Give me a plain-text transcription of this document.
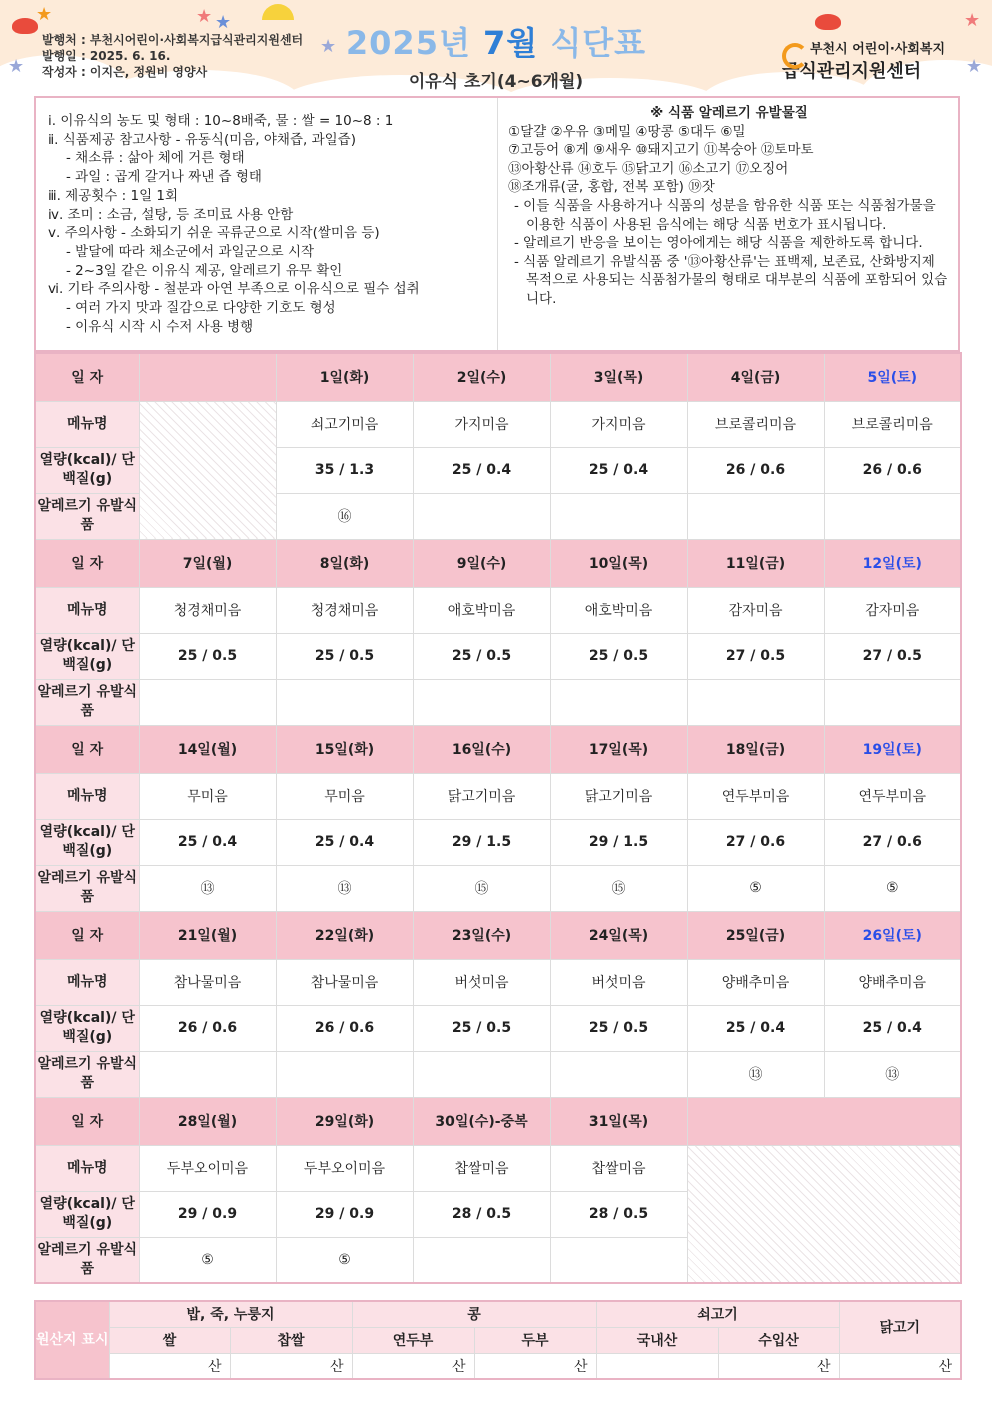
★
★
★ ★
★
★
★
발행처 : 부천시어린이·사회복지급식관리지원센터
발행일 : 2025. 6. 16.
작성자 : 이지은, 정원비 영양사
2025년 7월 식단표
이유식 초기(4~6개월)
부천시 어린이·사회복지
급식관리지원센터
ⅰ. 이유식의 농도 및 형태 : 10~8배죽, 물 : 쌀 = 10~8 : 1
ⅱ. 식품제공 참고사항 - 유동식(미음, 야채즙, 과일즙)
- 채소류 : 삶아 체에 거른 형태
- 과일 : 곱게 갈거나 짜낸 즙 형태
ⅲ. 제공횟수 : 1일 1회
ⅳ. 조미 : 소금, 설탕, 등 조미료 사용 안함
ⅴ. 주의사항 - 소화되기 쉬운 곡류군으로 시작(쌀미음 등)
- 발달에 따라 채소군에서 과일군으로 시작
- 2~3일 같은 이유식 제공, 알레르기 유무 확인
ⅵ. 기타 주의사항 - 철분과 아연 부족으로 이유식으로 필수 섭취
- 여러 가지 맛과 질감으로 다양한 기호도 형성
- 이유식 시작 시 수저 사용 병행
※ 식품 알레르기 유발물질
①달걀 ②우유 ③메밀 ④땅콩 ⑤대두 ⑥밀
⑦고등어 ⑧게 ⑨새우 ⑩돼지고기 ⑪복숭아 ⑫토마토
⑬아황산류 ⑭호두 ⑮닭고기 ⑯소고기 ⑰오징어
⑱조개류(굴, 홍합, 전복 포함) ⑲잣
- 이들 식품을 사용하거나 식품의 성분을 함유한 식품 또는 식품첨가물을 이용한 식품이 사용된 음식에는 해당 식품 번호가 표시됩니다.
- 알레르기 반응을 보이는 영아에게는 해당 식품을 제한하도록 합니다.
- 식품 알레르기 유발식품 중 '⑬아황산류'는 표백제, 보존료, 산화방지제 목적으로 사용되는 식품첨가물의 형태로 대부분의 식품에 포함되어 있습니다.
일 자		1일(화)	2일(수)	3일(목)	4일(금)	5일(토)
메뉴명		쇠고기미음	가지미음	가지미음	브로콜리미음	브로콜리미음
열량(kcal)/ 단백질(g)		35 / 1.3	25 / 0.4	25 / 0.4	26 / 0.6	26 / 0.6
알레르기 유발식품		⑯				
일 자	7일(월)	8일(화)	9일(수)	10일(목)	11일(금)	12일(토)
메뉴명	청경채미음	청경채미음	애호박미음	애호박미음	감자미음	감자미음
열량(kcal)/ 단백질(g)	25 / 0.5	25 / 0.5	25 / 0.5	25 / 0.5	27 / 0.5	27 / 0.5
알레르기 유발식품						
일 자	14일(월)	15일(화)	16일(수)	17일(목)	18일(금)	19일(토)
메뉴명	무미음	무미음	닭고기미음	닭고기미음	연두부미음	연두부미음
열량(kcal)/ 단백질(g)	25 / 0.4	25 / 0.4	29 / 1.5	29 / 1.5	27 / 0.6	27 / 0.6
알레르기 유발식품	⑬	⑬	⑮	⑮	⑤	⑤
일 자	21일(월)	22일(화)	23일(수)	24일(목)	25일(금)	26일(토)
메뉴명	참나물미음	참나물미음	버섯미음	버섯미음	양배추미음	양배추미음
열량(kcal)/ 단백질(g)	26 / 0.6	26 / 0.6	25 / 0.5	25 / 0.5	25 / 0.4	25 / 0.4
알레르기 유발식품					⑬	⑬
일 자	28일(월)	29일(화)	30일(수)-중복	31일(목)		
메뉴명	두부오이미음	두부오이미음	찹쌀미음	찹쌀미음		
열량(kcal)/ 단백질(g)	29 / 0.9	29 / 0.9	28 / 0.5	28 / 0.5		
알레르기 유발식품	⑤	⑤				
원산지 표시	밥, 죽, 누룽지		콩		쇠고기		닭고기
	쌀	찹쌀	연두부	두부	국내산	수입산	
	산	산	산	산		산	산
